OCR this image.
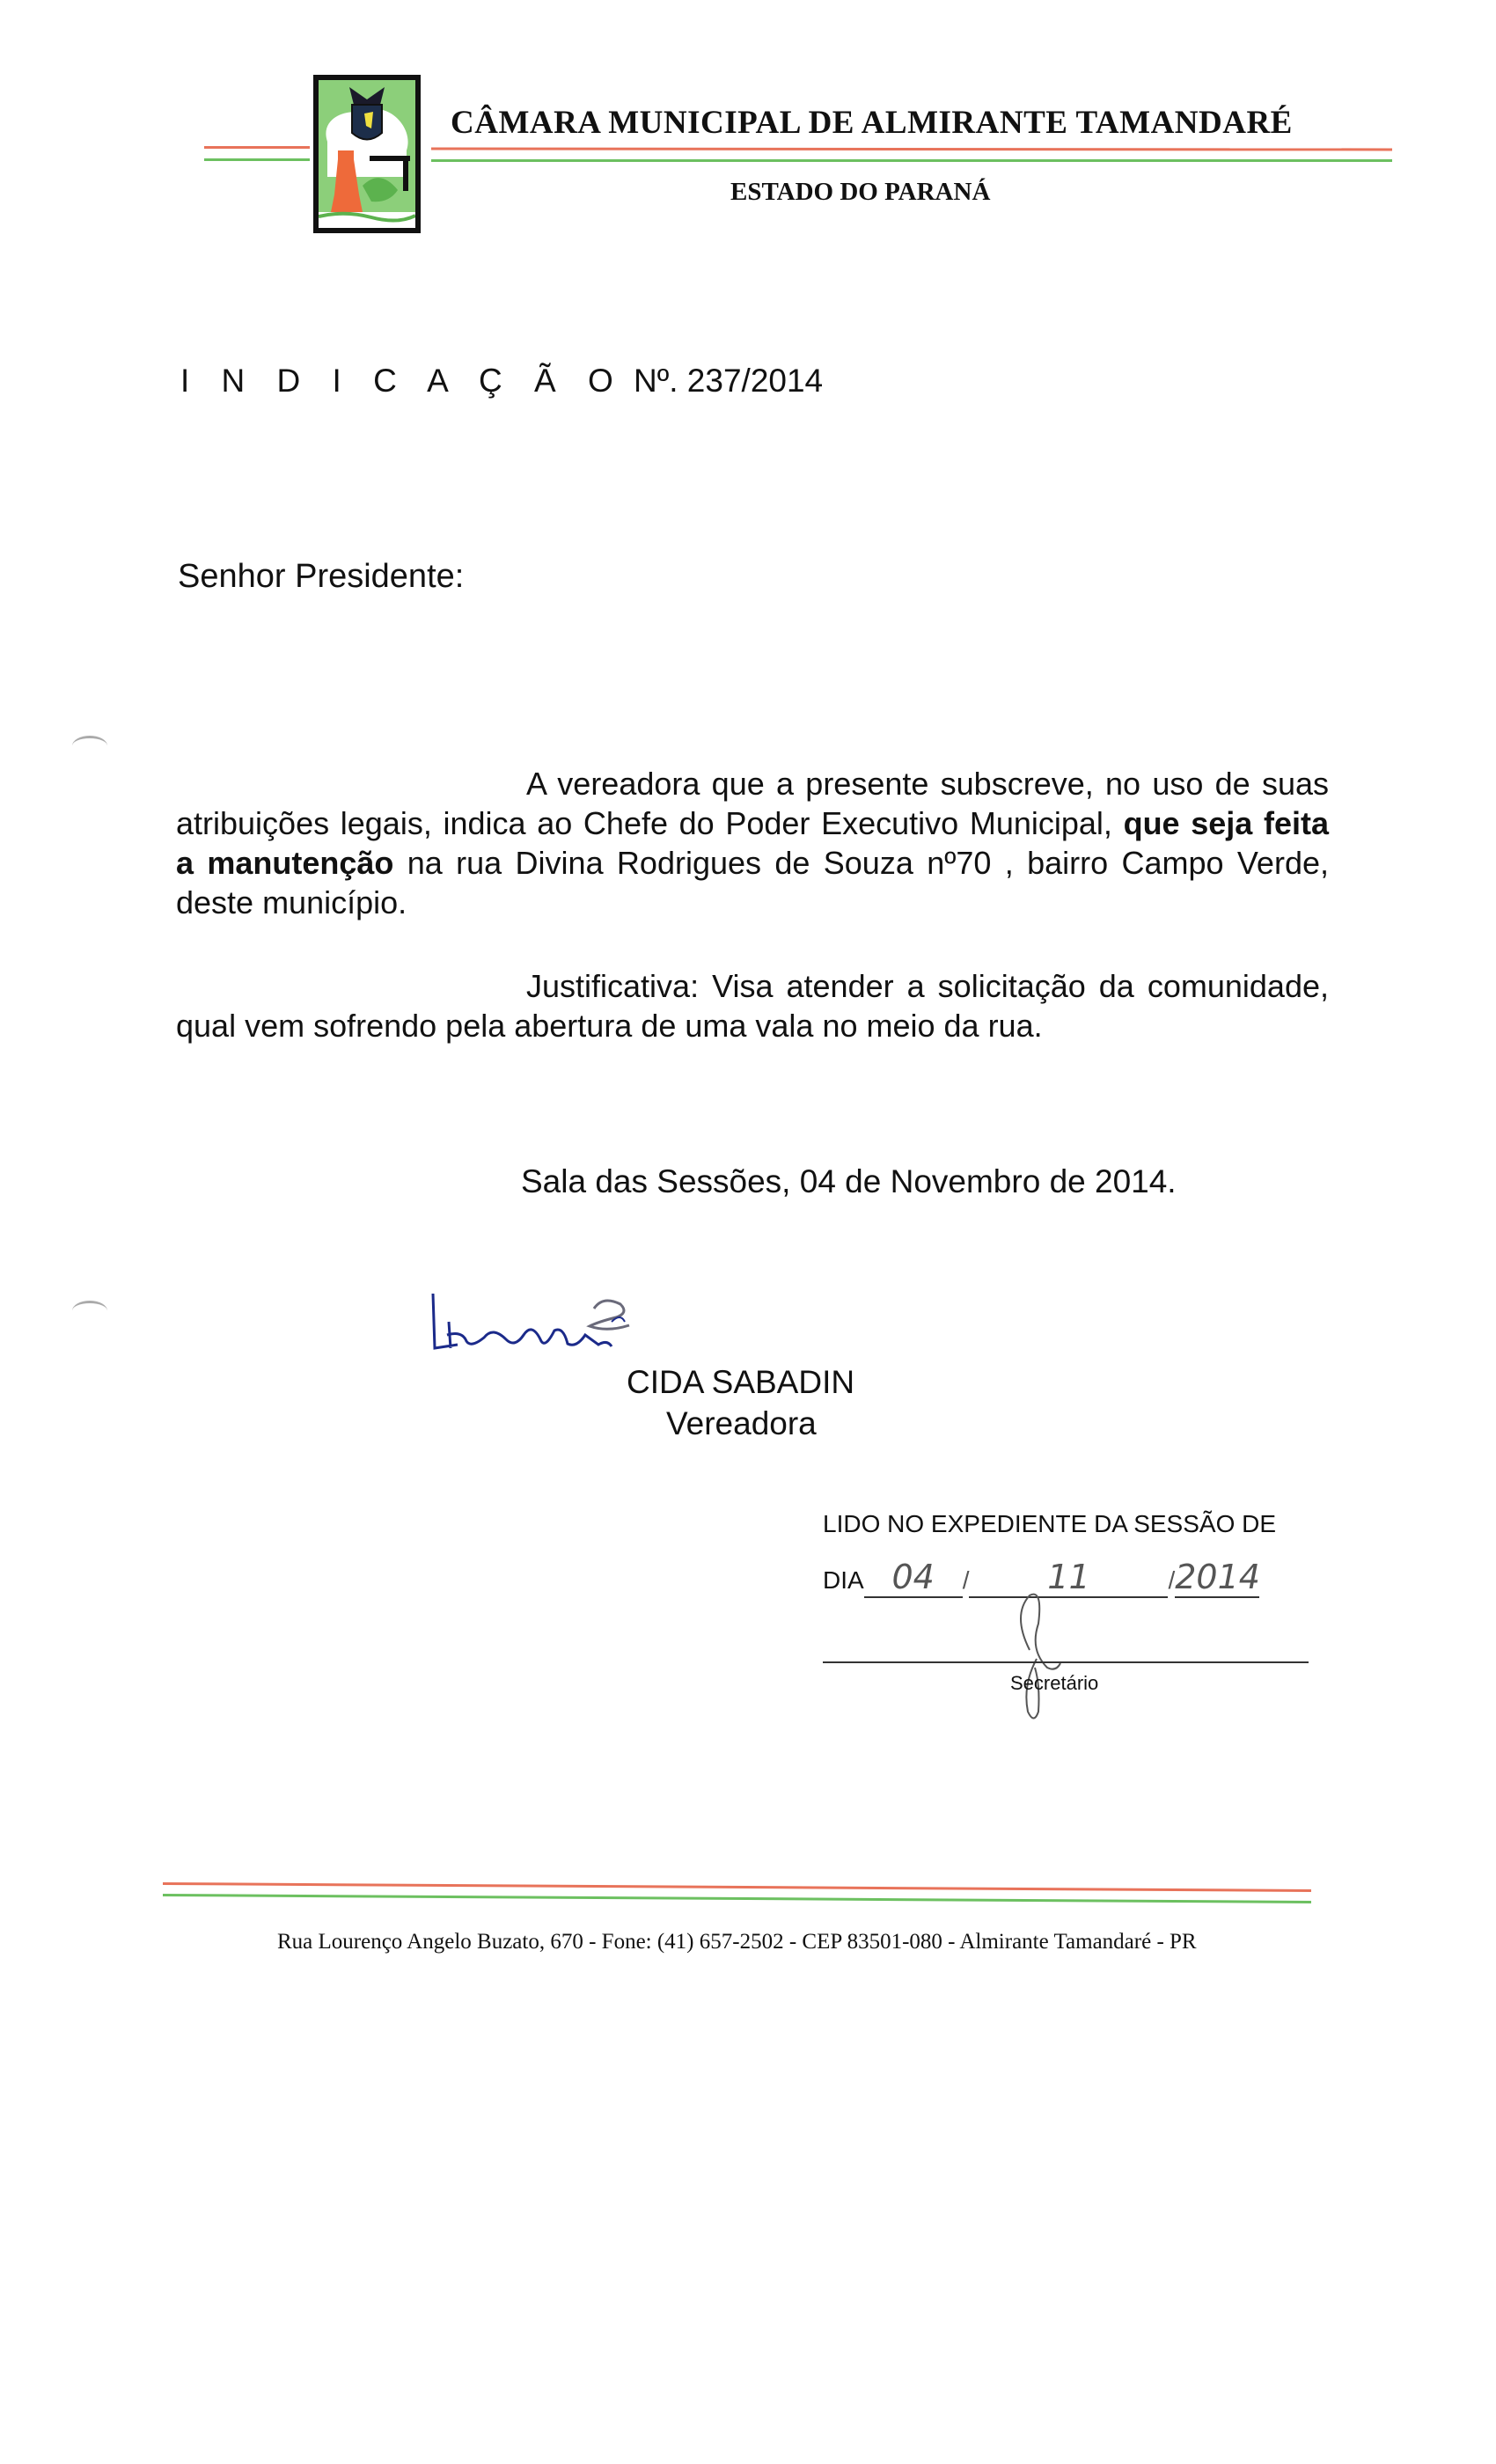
CÂMARA MUNICIPAL DE ALMIRANTE TAMANDARÉ
ESTADO DO PARANÁ
I N D I C A Ç Ã O Nº. 237/2014
Senhor Presidente:
A vereadora que a presente subscreve, no uso de suas atribuições legais, indica ao Chefe do Poder Executivo Municipal, que seja feita a manutenção na rua Divina Rodrigues de Souza nº70 , bairro Campo Verde, deste município.
Justificativa: Visa atender a solicitação da comunidade, qual vem sofrendo pela abertura de uma vala no meio da rua.
Sala das Sessões, 04 de Novembro de 2014.
CIDA SABADIN
Vereadora
LIDO NO EXPEDIENTE DA SESSÃO DE
DIA 04 / 11	/2014
Secretário
Rua Lourenço Angelo Buzato, 670 - Fone: (41) 657-2502 - CEP 83501-080 - Almirante Tamandaré - PR
